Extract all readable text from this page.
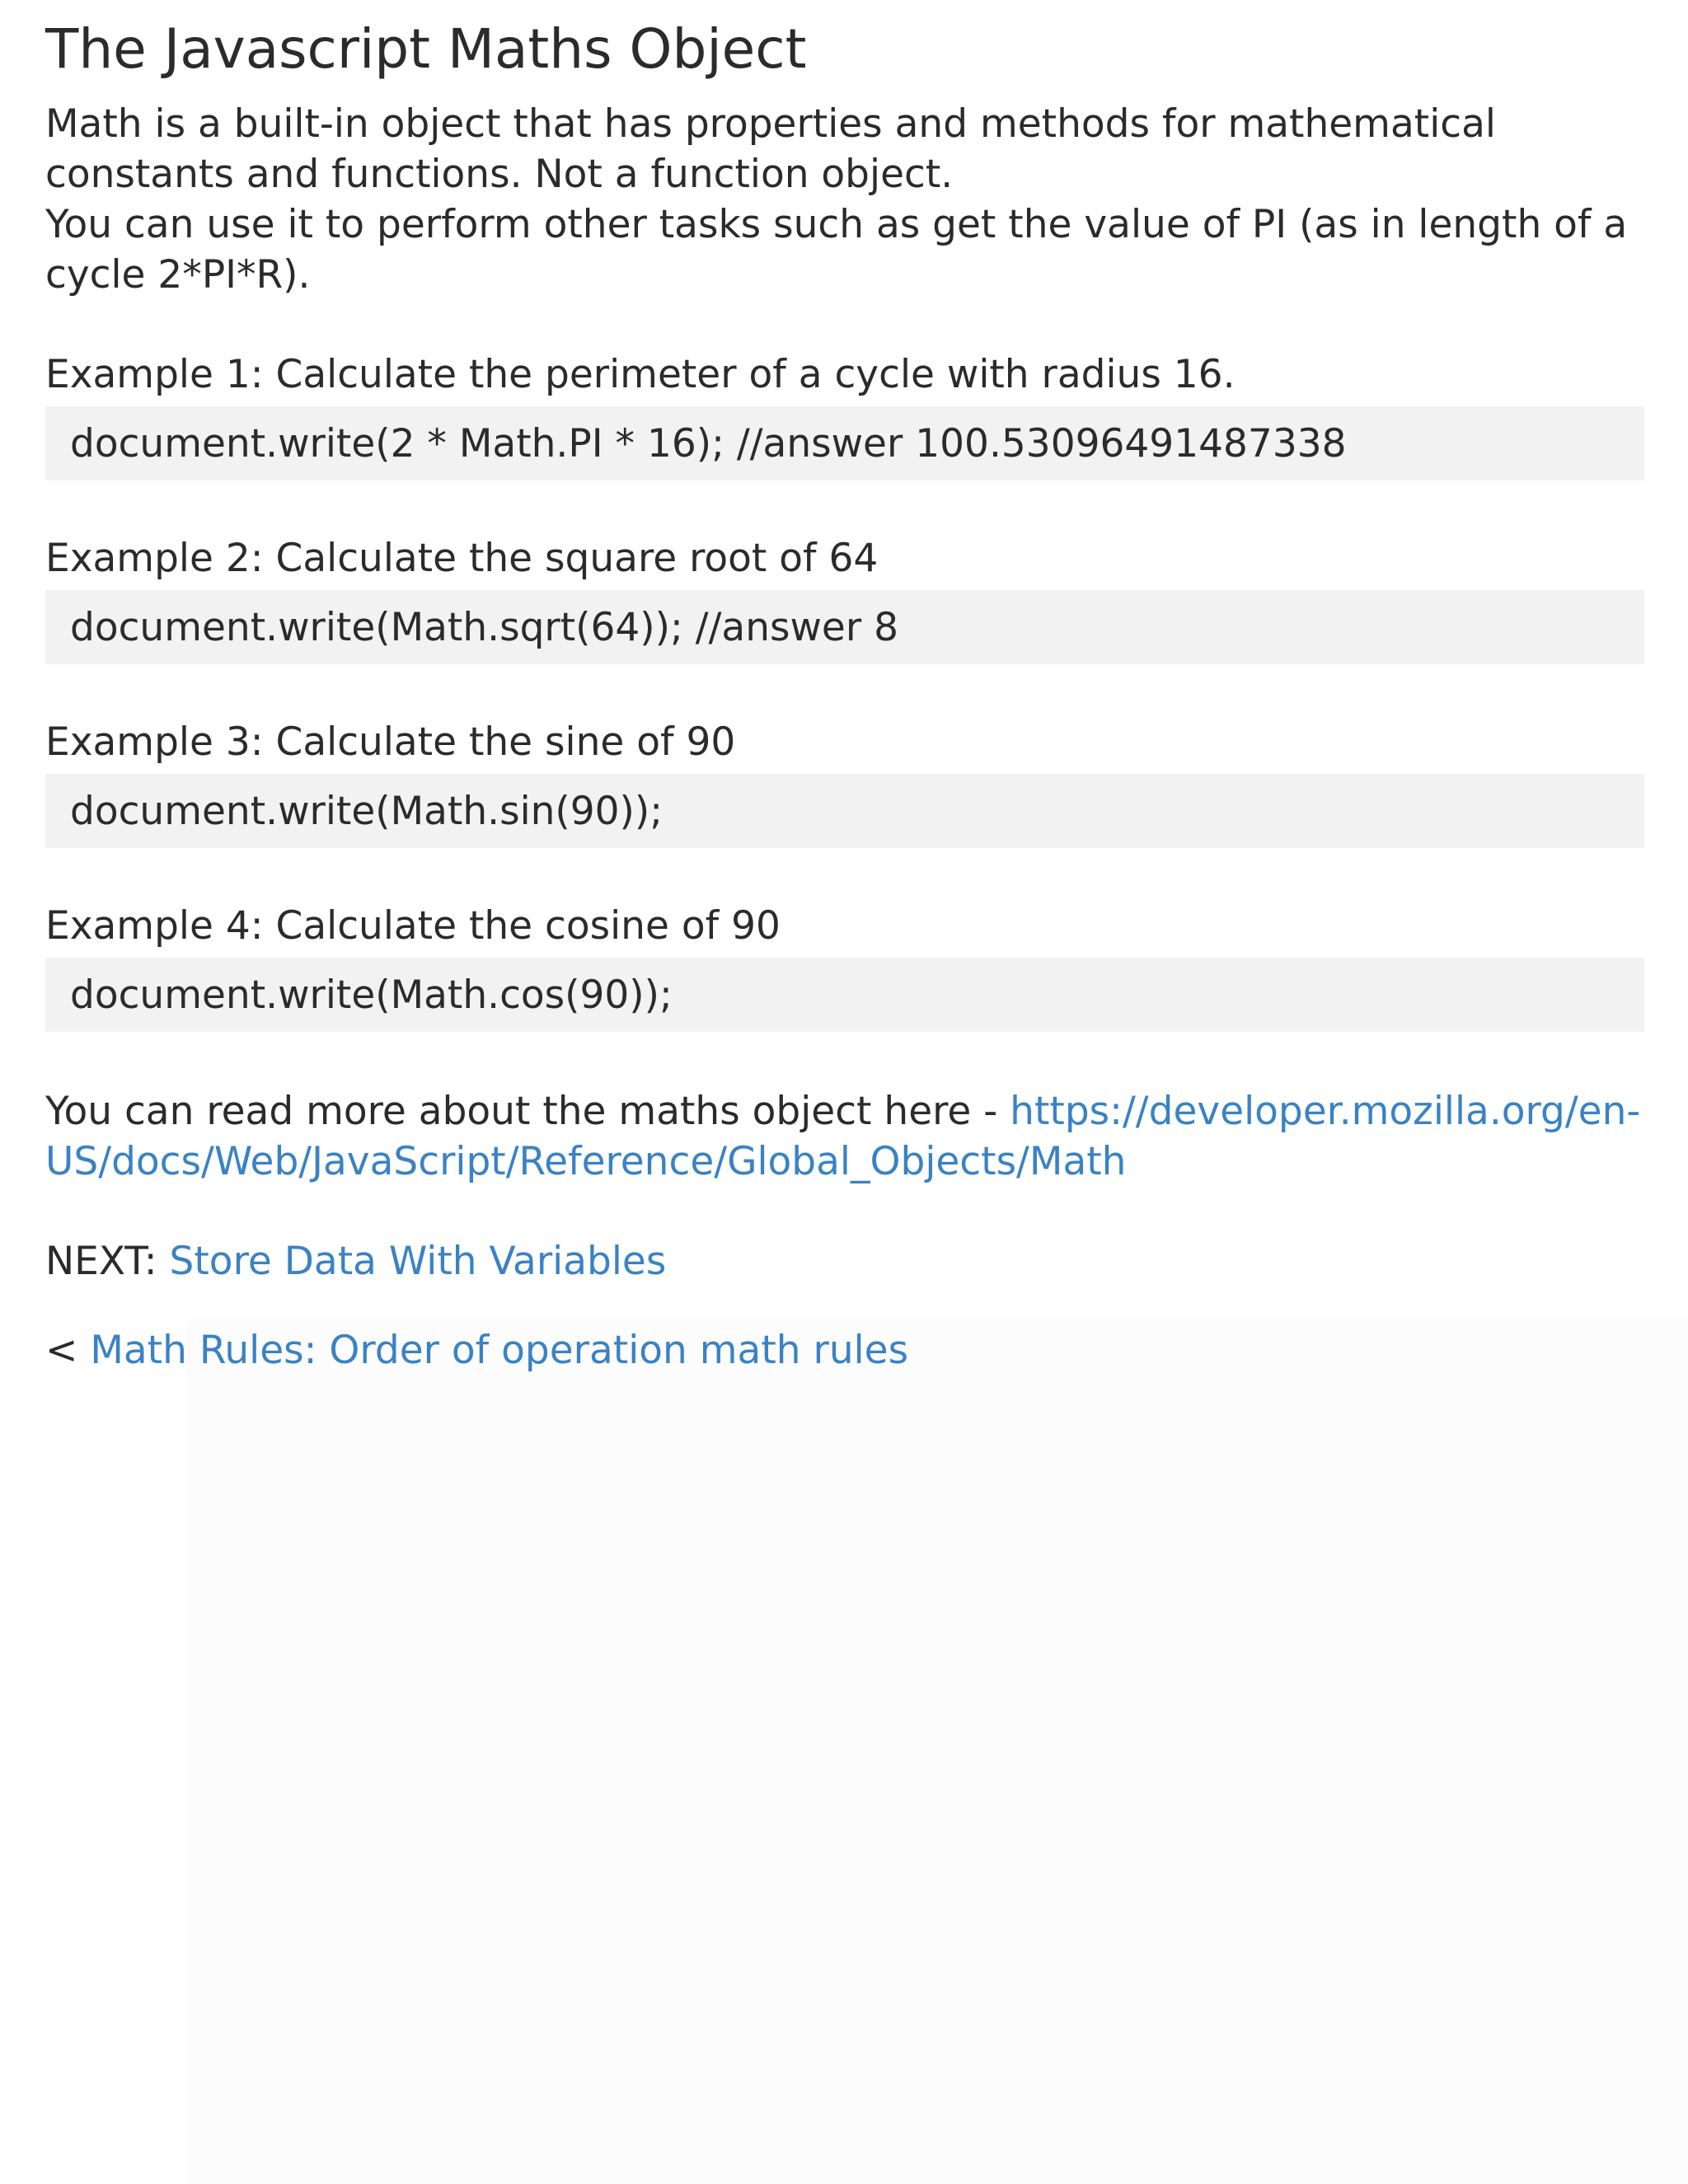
The Javascript Maths Object

Math is a built-in object that has properties and methods for mathematical constants and functions. Not a function object.
You can use it to perform other tasks such as get the value of PI (as in length of a cycle 2*PI*R).

Example 1: Calculate the perimeter of a cycle with radius 16.

document.write(2 * Math.PI * 16); //answer 100.53096491487338

Example 2: Calculate the square root of 64

document.write(Math.sqrt(64)); //answer 8

Example 3: Calculate the sine of 90

document.write(Math.sin(90));

Example 4: Calculate the cosine of 90

document.write(Math.cos(90));

You can read more about the maths object here - https://developer.mozilla.org/en-US/docs/Web/JavaScript/Reference/Global_Objects/Math

NEXT: Store Data With Variables

< Math Rules: Order of operation math rules
